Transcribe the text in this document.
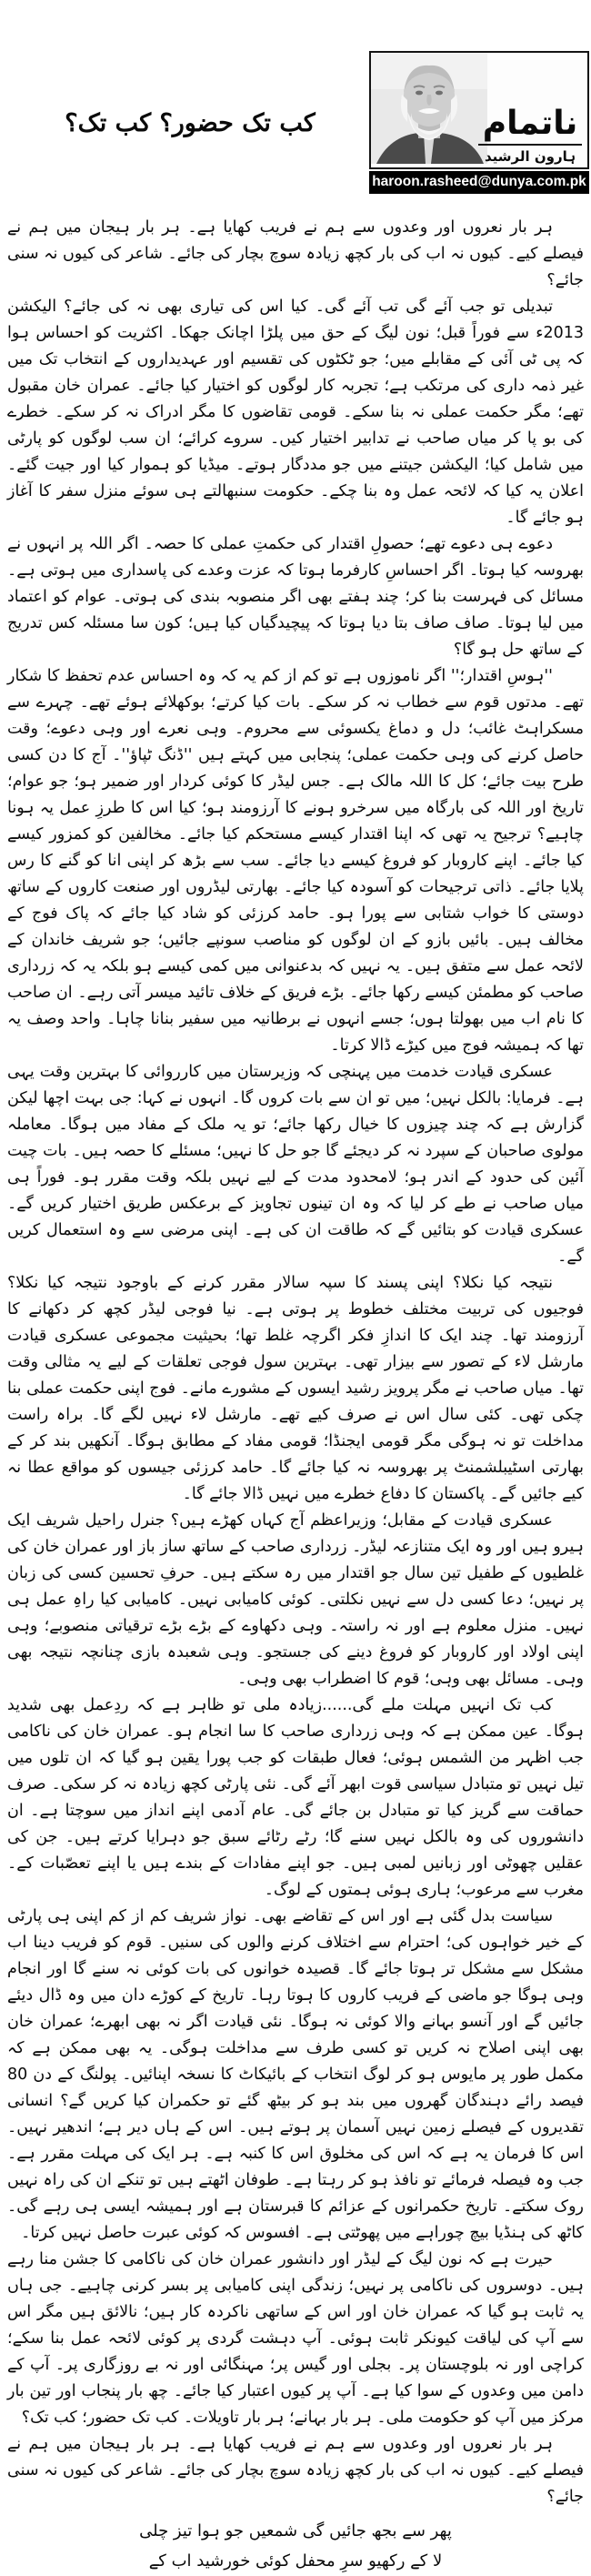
ناتمام
ہارون الرشید
haroon.rasheed@dunya.com.pk
کب تک حضور؟ کب تک؟

ہر بار نعروں اور وعدوں سے ہم نے فریب کھایا ہے۔ ہر بار ہیجان میں ہم نے فیصلے کیے۔ کیوں نہ اب کی بار کچھ زیادہ سوچ بچار کی جائے۔ شاعر کی کیوں نہ سنی جائے؟

تبدیلی تو جب آئے گی تب آئے گی۔ کیا اس کی تیاری بھی نہ کی جائے؟ الیکشن 2013ء سے فوراً قبل؛ نون لیگ کے حق میں پلڑا اچانک جھکا۔ اکثریت کو احساس ہوا کہ پی ٹی آئی کے مقابلے میں؛ جو ٹکٹوں کی تقسیم اور عہدیداروں کے انتخاب تک میں غیر ذمہ داری کی مرتکب ہے؛ تجربہ کار لوگوں کو اختیار کیا جائے۔ عمران خان مقبول تھے؛ مگر حکمت عملی نہ بنا سکے۔ قومی تقاضوں کا مگر ادراک نہ کر سکے۔ خطرے کی بو پا کر میاں صاحب نے تدابیر اختیار کیں۔ سروے کرائے؛ ان سب لوگوں کو پارٹی میں شامل کیا؛ الیکشن جیتنے میں جو مددگار ہوتے۔ میڈیا کو ہموار کیا اور جیت گئے۔ اعلان یہ کیا کہ لائحہ عمل وہ بنا چکے۔ حکومت سنبھالتے ہی سوئے منزل سفر کا آغاز ہو جائے گا۔

دعوے ہی دعوے تھے؛ حصولِ اقتدار کی حکمتِ عملی کا حصہ۔ اگر اللہ پر انہوں نے بھروسہ کیا ہوتا۔ اگر احساسِ کارفرما ہوتا کہ عزت وعدے کی پاسداری میں ہوتی ہے۔ مسائل کی فہرست بنا کر؛ چند ہفتے بھی اگر منصوبہ بندی کی ہوتی۔ عوام کو اعتماد میں لیا ہوتا۔ صاف صاف بتا دیا ہوتا کہ پیچیدگیاں کیا ہیں؛ کون سا مسئلہ کس تدریج کے ساتھ حل ہو گا؟

''ہوسِ اقتدار؛'' اگر ناموزوں ہے تو کم از کم یہ کہ وہ احساس عدم تحفظ کا شکار تھے۔ مدتوں قوم سے خطاب نہ کر سکے۔ بات کیا کرتے؛ بوکھلائے ہوئے تھے۔ چہرے سے مسکراہٹ غائب؛ دل و دماغ یکسوئی سے محروم۔ وہی نعرے اور وہی دعوے؛ وقت حاصل کرنے کی وہی حکمت عملی؛ پنجابی میں کہتے ہیں ''ڈنگ ٹپاؤ''۔ آج کا دن کسی طرح بیت جائے؛ کل کا اللہ مالک ہے۔ جس لیڈر کا کوئی کردار اور ضمیر ہو؛ جو عوام؛ تاریخ اور اللہ کی بارگاہ میں سرخرو ہونے کا آرزومند ہو؛ کیا اس کا طرزِ عمل یہ ہونا چاہیے؟ ترجیح یہ تھی کہ اپنا اقتدار کیسے مستحکم کیا جائے۔ مخالفین کو کمزور کیسے کیا جائے۔ اپنے کاروبار کو فروغ کیسے دیا جائے۔ سب سے بڑھ کر اپنی انا کو گنے کا رس پلایا جائے۔ ذاتی ترجیحات کو آسودہ کیا جائے۔ بھارتی لیڈروں اور صنعت کاروں کے ساتھ دوستی کا خواب شتابی سے پورا ہو۔ حامد کرزئی کو شاد کیا جائے کہ پاک فوج کے مخالف ہیں۔ بائیں بازو کے ان لوگوں کو مناصب سونپے جائیں؛ جو شریف خاندان کے لائحہ عمل سے متفق ہیں۔ یہ نہیں کہ بدعنوانی میں کمی کیسے ہو بلکہ یہ کہ زرداری صاحب کو مطمئن کیسے رکھا جائے۔ بڑے فریق کے خلاف تائید میسر آتی رہے۔ ان صاحب کا نام اب میں بھولتا ہوں؛ جسے انہوں نے برطانیہ میں سفیر بنانا چاہا۔ واحد وصف یہ تھا کہ ہمیشہ فوج میں کیڑے ڈالا کرتا۔

عسکری قیادت خدمت میں پہنچی کہ وزیرستان میں کارروائی کا بہترین وقت یہی ہے۔ فرمایا: بالکل نہیں؛ میں تو ان سے بات کروں گا۔ انہوں نے کہا: جی بہت اچھا لیکن گزارش ہے کہ چند چیزوں کا خیال رکھا جائے؛ تو یہ ملک کے مفاد میں ہوگا۔ معاملہ مولوی صاحبان کے سپرد نہ کر دیجئے گا جو حل کا نہیں؛ مسئلے کا حصہ ہیں۔ بات چیت آئین کی حدود کے اندر ہو؛ لامحدود مدت کے لیے نہیں بلکہ وقت مقرر ہو۔ فوراً ہی میاں صاحب نے طے کر لیا کہ وہ ان تینوں تجاویز کے برعکس طریق اختیار کریں گے۔ عسکری قیادت کو بتائیں گے کہ طاقت ان کی ہے۔ اپنی مرضی سے وہ استعمال کریں گے۔

نتیجہ کیا نکلا؟ اپنی پسند کا سپہ سالار مقرر کرنے کے باوجود نتیجہ کیا نکلا؟ فوجیوں کی تربیت مختلف خطوط پر ہوتی ہے۔ نیا فوجی لیڈر کچھ کر دکھانے کا آرزومند تھا۔ چند ایک کا اندازِ فکر اگرچہ غلط تھا؛ بحیثیت مجموعی عسکری قیادت مارشل لاء کے تصور سے بیزار تھی۔ بہترین سول فوجی تعلقات کے لیے یہ مثالی وقت تھا۔ میاں صاحب نے مگر پرویز رشید ایسوں کے مشورے مانے۔ فوج اپنی حکمت عملی بنا چکی تھی۔ کئی سال اس نے صرف کیے تھے۔ مارشل لاء نہیں لگے گا۔ براہ راست مداخلت تو نہ ہوگی مگر قومی ایجنڈا؛ قومی مفاد کے مطابق ہوگا۔ آنکھیں بند کر کے بھارتی اسٹیبلشمنٹ پر بھروسہ نہ کیا جائے گا۔ حامد کرزئی جیسوں کو مواقع عطا نہ کیے جائیں گے۔ پاکستان کا دفاع خطرے میں نہیں ڈالا جائے گا۔

عسکری قیادت کے مقابل؛ وزیراعظم آج کہاں کھڑے ہیں؟ جنرل راحیل شریف ایک ہیرو ہیں اور وہ ایک متنازعہ لیڈر۔ زرداری صاحب کے ساتھ ساز باز اور عمران خان کی غلطیوں کے طفیل تین سال جو اقتدار میں رہ سکتے ہیں۔ حرفِ تحسین کسی کی زبان پر نہیں؛ دعا کسی دل سے نہیں نکلتی۔ کوئی کامیابی نہیں۔ کامیابی کیا راہِ عمل ہی نہیں۔ منزل معلوم ہے اور نہ راستہ۔ وہی دکھاوے کے بڑے بڑے ترقیاتی منصوبے؛ وہی اپنی اولاد اور کاروبار کو فروغ دینے کی جستجو۔ وہی شعبدہ بازی چنانچہ نتیجہ بھی وہی۔ مسائل بھی وہی؛ قوم کا اضطراب بھی وہی۔

کب تک انہیں مہلت ملے گی......زیادہ ملی تو ظاہر ہے کہ ردِعمل بھی شدید ہوگا۔ عین ممکن ہے کہ وہی زرداری صاحب کا سا انجام ہو۔ عمران خان کی ناکامی جب اظہر من الشمس ہوئی؛ فعال طبقات کو جب پورا یقین ہو گیا کہ ان تلوں میں تیل نہیں تو متبادل سیاسی قوت ابھر آئے گی۔ نئی پارٹی کچھ زیادہ نہ کر سکی۔ صرف حماقت سے گریز کیا تو متبادل بن جائے گی۔ عام آدمی اپنے انداز میں سوچتا ہے۔ ان دانشوروں کی وہ بالکل نہیں سنے گا؛ رٹے رٹائے سبق جو دہرایا کرتے ہیں۔ جن کی عقلیں چھوٹی اور زبانیں لمبی ہیں۔ جو اپنے مفادات کے بندے ہیں یا اپنے تعصّبات کے۔ مغرب سے مرعوب؛ ہاری ہوئی ہمتوں کے لوگ۔

سیاست بدل گئی ہے اور اس کے تقاضے بھی۔ نواز شریف کم از کم اپنی ہی پارٹی کے خیر خواہوں کی؛ احترام سے اختلاف کرنے والوں کی سنیں۔ قوم کو فریب دینا اب مشکل سے مشکل تر ہوتا جائے گا۔ قصیدہ خوانوں کی بات کوئی نہ سنے گا اور انجام وہی ہوگا جو ماضی کے فریب کاروں کا ہوتا رہا۔ تاریخ کے کوڑے دان میں وہ ڈال دیئے جائیں گے اور آنسو بہانے والا کوئی نہ ہوگا۔ نئی قیادت اگر نہ بھی ابھرے؛ عمران خان بھی اپنی اصلاح نہ کریں تو کسی طرف سے مداخلت ہوگی۔ یہ بھی ممکن ہے کہ مکمل طور پر مایوس ہو کر لوگ انتخاب کے بائیکاٹ کا نسخہ اپنائیں۔ پولنگ کے دن 80 فیصد رائے دہندگان گھروں میں بند ہو کر بیٹھ گئے تو حکمران کیا کریں گے؟ انسانی تقدیروں کے فیصلے زمین نہیں آسمان پر ہوتے ہیں۔ اس کے ہاں دیر ہے؛ اندھیر نہیں۔ اس کا فرمان یہ ہے کہ اس کی مخلوق اس کا کنبہ ہے۔ ہر ایک کی مہلت مقرر ہے۔ جب وہ فیصلہ فرمائے تو نافذ ہو کر رہتا ہے۔ طوفان اٹھتے ہیں تو تنکے ان کی راہ نہیں روک سکتے۔ تاریخ حکمرانوں کے عزائم کا قبرستان ہے اور ہمیشہ ایسی ہی رہے گی۔ کاٹھ کی ہنڈیا بیچ چوراہے میں پھوٹتی ہے۔ افسوس کہ کوئی عبرت حاصل نہیں کرتا۔

حیرت ہے کہ نون لیگ کے لیڈر اور دانشور عمران خان کی ناکامی کا جشن منا رہے ہیں۔ دوسروں کی ناکامی پر نہیں؛ زندگی اپنی کامیابی پر بسر کرنی چاہیے۔ جی ہاں یہ ثابت ہو گیا کہ عمران خان اور اس کے ساتھی ناکردہ کار ہیں؛ نالائق ہیں مگر اس سے آپ کی لیاقت کیونکر ثابت ہوئی۔ آپ دہشت گردی پر کوئی لائحہ عمل بنا سکے؛ کراچی اور نہ بلوچستان پر۔ بجلی اور گیس پر؛ مہنگائی اور نہ بے روزگاری پر۔ آپ کے دامن میں وعدوں کے سوا کیا ہے۔ آپ پر کیوں اعتبار کیا جائے۔ چھ بار پنجاب اور تین بار مرکز میں آپ کو حکومت ملی۔ ہر بار بہانے؛ ہر بار تاویلات۔ کب تک حضور؛ کب تک؟

ہر بار نعروں اور وعدوں سے ہم نے فریب کھایا ہے۔ ہر بار ہیجان میں ہم نے فیصلے کیے۔ کیوں نہ اب کی بار کچھ زیادہ سوچ بچار کی جائے۔ شاعر کی کیوں نہ سنی جائے؟

پھر سے بجھ جائیں گی شمعیں جو ہوا تیز چلی
لا کے رکھیو سرِ محفل کوئی خورشید اب کے
